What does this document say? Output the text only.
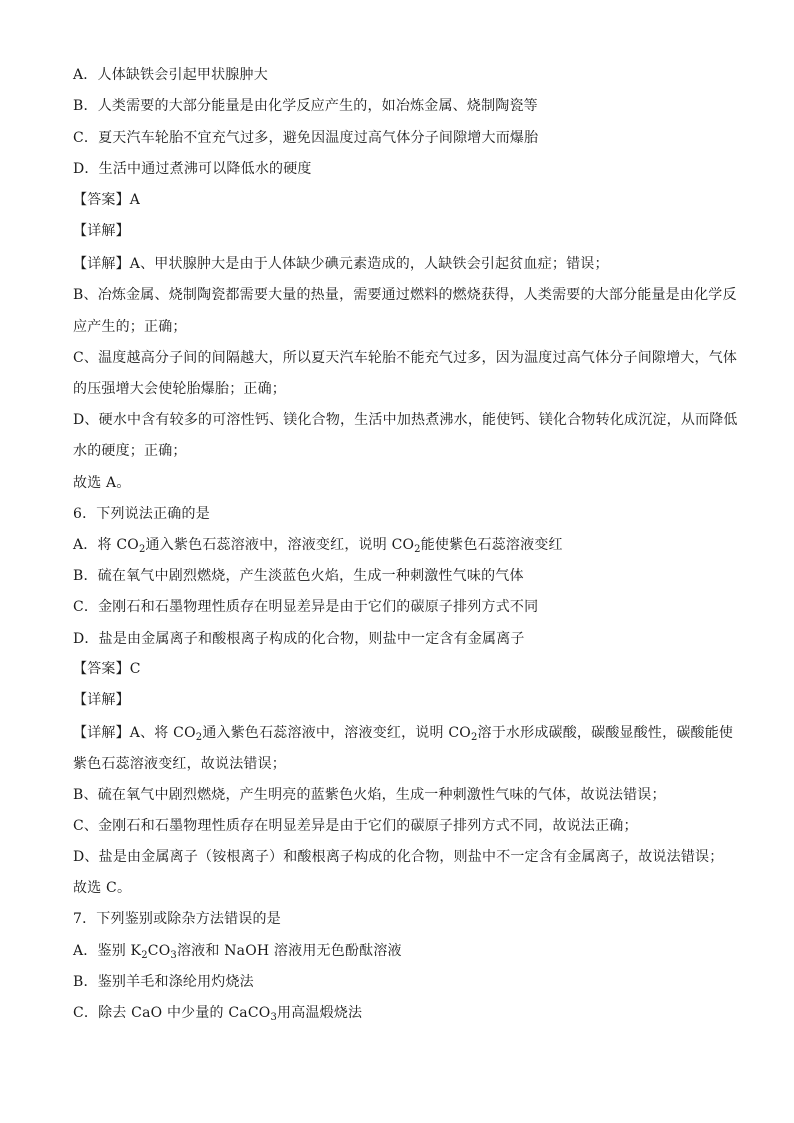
A．人体缺铁会引起甲状腺肿大
B．人类需要的大部分能量是由化学反应产生的，如冶炼金属、烧制陶瓷等
C．夏天汽车轮胎不宜充气过多，避免因温度过高气体分子间隙增大而爆胎
D．生活中通过煮沸可以降低水的硬度
【答案】A
【详解】
【详解】A、甲状腺肿大是由于人体缺少碘元素造成的，人缺铁会引起贫血症；错误；
B、冶炼金属、烧制陶瓷都需要大量的热量，需要通过燃料的燃烧获得，人类需要的大部分能量是由化学反
应产生的；正确；
C、温度越高分子间的间隔越大，所以夏天汽车轮胎不能充气过多，因为温度过高气体分子间隙增大，气体
的压强增大会使轮胎爆胎；正确；
D、硬水中含有较多的可溶性钙、镁化合物，生活中加热煮沸水，能使钙、镁化合物转化成沉淀，从而降低
水的硬度；正确；
故选 A。
6．下列说法正确的是
A．将 $CO_2$通入紫色石蕊溶液中，溶液变红，说明 $CO_2$能使紫色石蕊溶液变红
B．硫在氧气中剧烈燃烧，产生淡蓝色火焰，生成一种刺激性气味的气体
C．金刚石和石墨物理性质存在明显差异是由于它们的碳原子排列方式不同
D．盐是由金属离子和酸根离子构成的化合物，则盐中一定含有金属离子
【答案】C
【详解】
【详解】A、将 $CO_2$通入紫色石蕊溶液中，溶液变红，说明 $CO_2$溶于水形成碳酸，碳酸显酸性，碳酸能使
紫色石蕊溶液变红，故说法错误；
B、硫在氧气中剧烈燃烧，产生明亮的蓝紫色火焰，生成一种刺激性气味的气体，故说法错误；
C、金刚石和石墨物理性质存在明显差异是由于它们的碳原子排列方式不同，故说法正确；
D、盐是由金属离子（铵根离子）和酸根离子构成的化合物，则盐中不一定含有金属离子，故说法错误；
故选 C。
7．下列鉴别或除杂方法错误的是
A．鉴别 $K_2CO_3$溶液和 NaOH 溶液用无色酚酞溶液
B．鉴别羊毛和涤纶用灼烧法
C．除去 CaO 中少量的 CaCO$_3$用高温煅烧法
